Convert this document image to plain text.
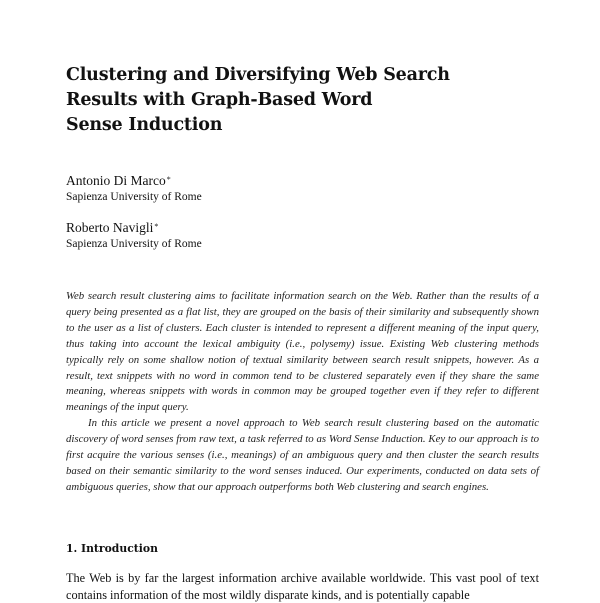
Clustering and Diversifying Web Search
Results with Graph-Based Word
Sense Induction
Antonio Di Marco*
Sapienza University of Rome
Roberto Navigli*
Sapienza University of Rome

Web search result clustering aims to facilitate information search on the Web. Rather than the results of a query being presented as a flat list, they are grouped on the basis of their similarity and subsequently shown to the user as a list of clusters. Each cluster is intended to represent a different meaning of the input query, thus taking into account the lexical ambiguity (i.e., polysemy) issue. Existing Web clustering methods typically rely on some shallow notion of textual similarity between search result snippets, however. As a result, text snippets with no word in common tend to be clustered separately even if they share the same meaning, whereas snippets with words in common may be grouped together even if they refer to different meanings of the input query.

In this article we present a novel approach to Web search result clustering based on the automatic discovery of word senses from raw text, a task referred to as Word Sense Induction. Key to our approach is to first acquire the various senses (i.e., meanings) of an ambiguous query and then cluster the search results based on their semantic similarity to the word senses induced. Our experiments, conducted on data sets of ambiguous queries, show that our approach outperforms both Web clustering and search engines.

1. Introduction

The Web is by far the largest information archive available worldwide. This vast pool of text contains information of the most wildly disparate kinds, and is potentially capable
